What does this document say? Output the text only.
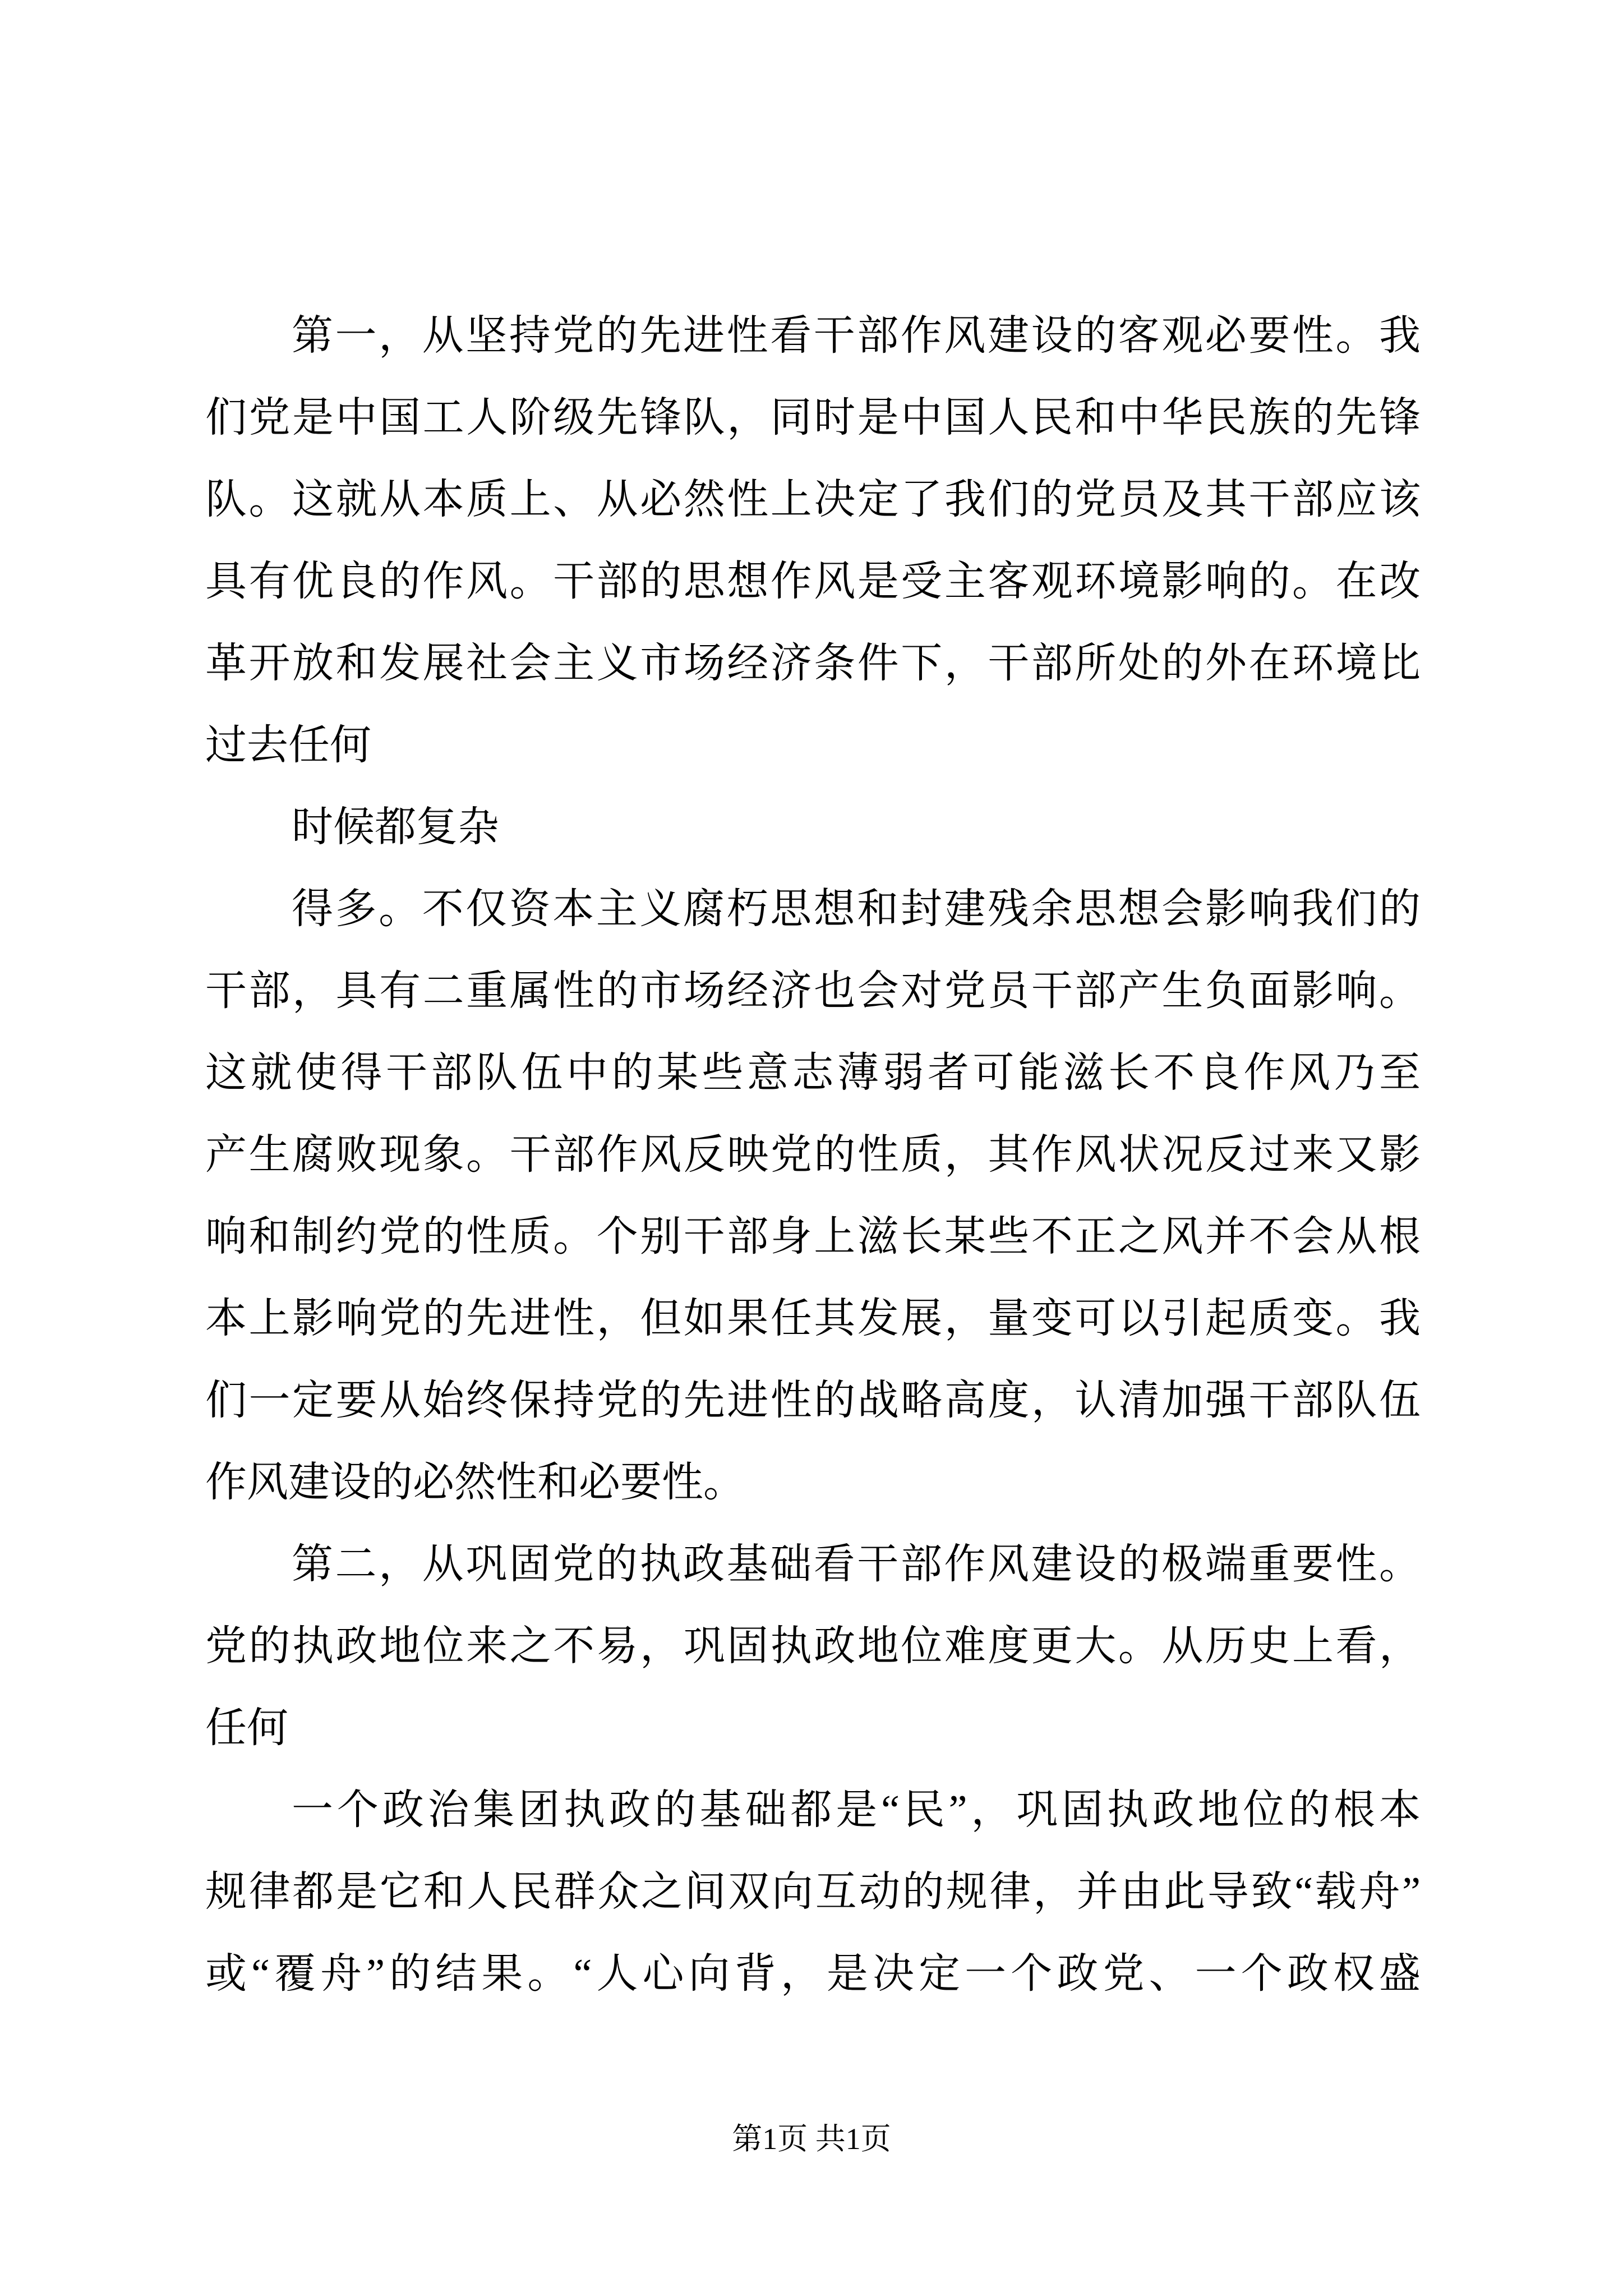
第一，从坚持党的先进性看干部作风建设的客观必要性。我
们党是中国工人阶级先锋队，同时是中国人民和中华民族的先锋
队。这就从本质上、从必然性上决定了我们的党员及其干部应该
具有优良的作风。干部的思想作风是受主客观环境影响的。在改
革开放和发展社会主义市场经济条件下，干部所处的外在环境比
过去任何
时候都复杂
得多。不仅资本主义腐朽思想和封建残余思想会影响我们的
干部，具有二重属性的市场经济也会对党员干部产生负面影响。
这就使得干部队伍中的某些意志薄弱者可能滋长不良作风乃至
产生腐败现象。干部作风反映党的性质，其作风状况反过来又影
响和制约党的性质。个别干部身上滋长某些不正之风并不会从根
本上影响党的先进性，但如果任其发展，量变可以引起质变。我
们一定要从始终保持党的先进性的战略高度，认清加强干部队伍
作风建设的必然性和必要性。
第二，从巩固党的执政基础看干部作风建设的极端重要性。
党的执政地位来之不易，巩固执政地位难度更大。从历史上看，
任何
一个政治集团执政的基础都是“民”，巩固执政地位的根本
规律都是它和人民群众之间双向互动的规律，并由此导致“载舟”
或“覆舟”的结果。“人心向背，是决定一个政党、一个政权盛
第1页 共1页
